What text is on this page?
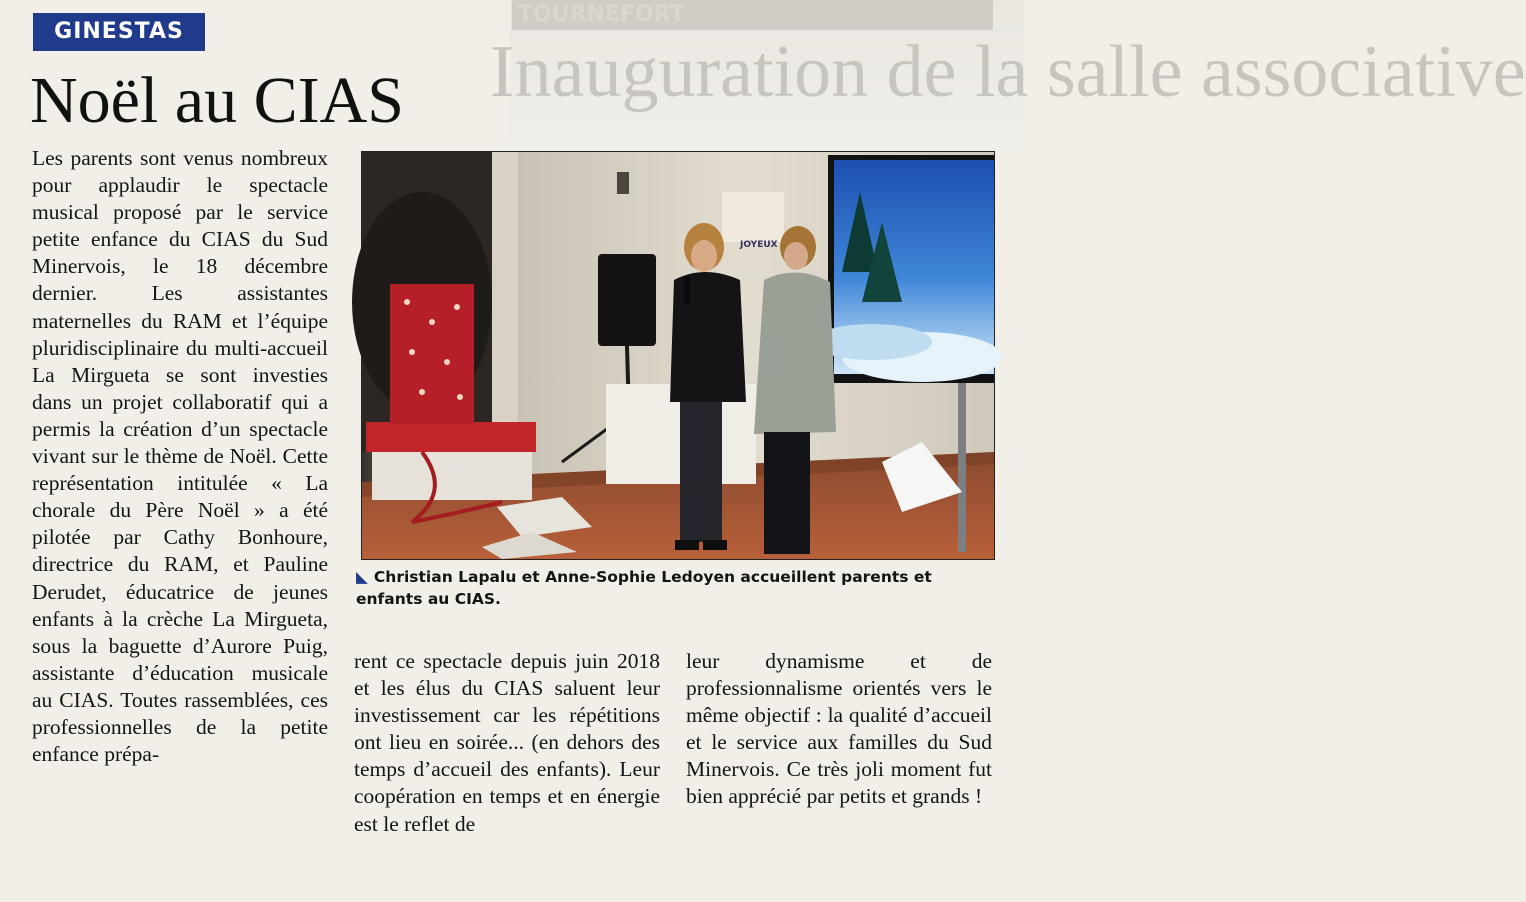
TOURNEFORT
Inauguration de la salle associative
GINESTAS
Noël au CIAS
Les parents sont venus nombreux pour applaudir le spectacle musical proposé par le service petite enfance du CIAS du Sud Minervois, le 18 décembre dernier. Les assistantes maternelles du RAM et l’équipe pluridisciplinaire du multi-accueil La Mirgueta se sont investies dans un projet collaboratif qui a permis la création d’un spectacle vivant sur le thème de Noël. Cette représentation intitulée « La chorale du Père Noël » a été pilotée par Cathy Bonhoure, directrice du RAM, et Pauline Derudet, éducatrice de jeunes enfants à la crèche La Mirgueta, sous la baguette d’Aurore Puig, assistante d’éducation musicale au CIAS. Toutes rassemblées, ces professionnelles de la petite enfance prépa-
JOYEUX
◣ Christian Lapalu et Anne-Sophie Ledoyen accueillent parents et enfants au CIAS.
rent ce spectacle depuis juin 2018 et les élus du CIAS saluent leur investissement car les répétitions ont lieu en soirée... (en dehors des temps d’accueil des enfants). Leur coopération en temps et en énergie est le reflet de
leur dynamisme et de professionnalisme orientés vers le même objectif : la qualité d’accueil et le service aux familles du Sud Minervois. Ce très joli moment fut bien apprécié par petits et grands !
